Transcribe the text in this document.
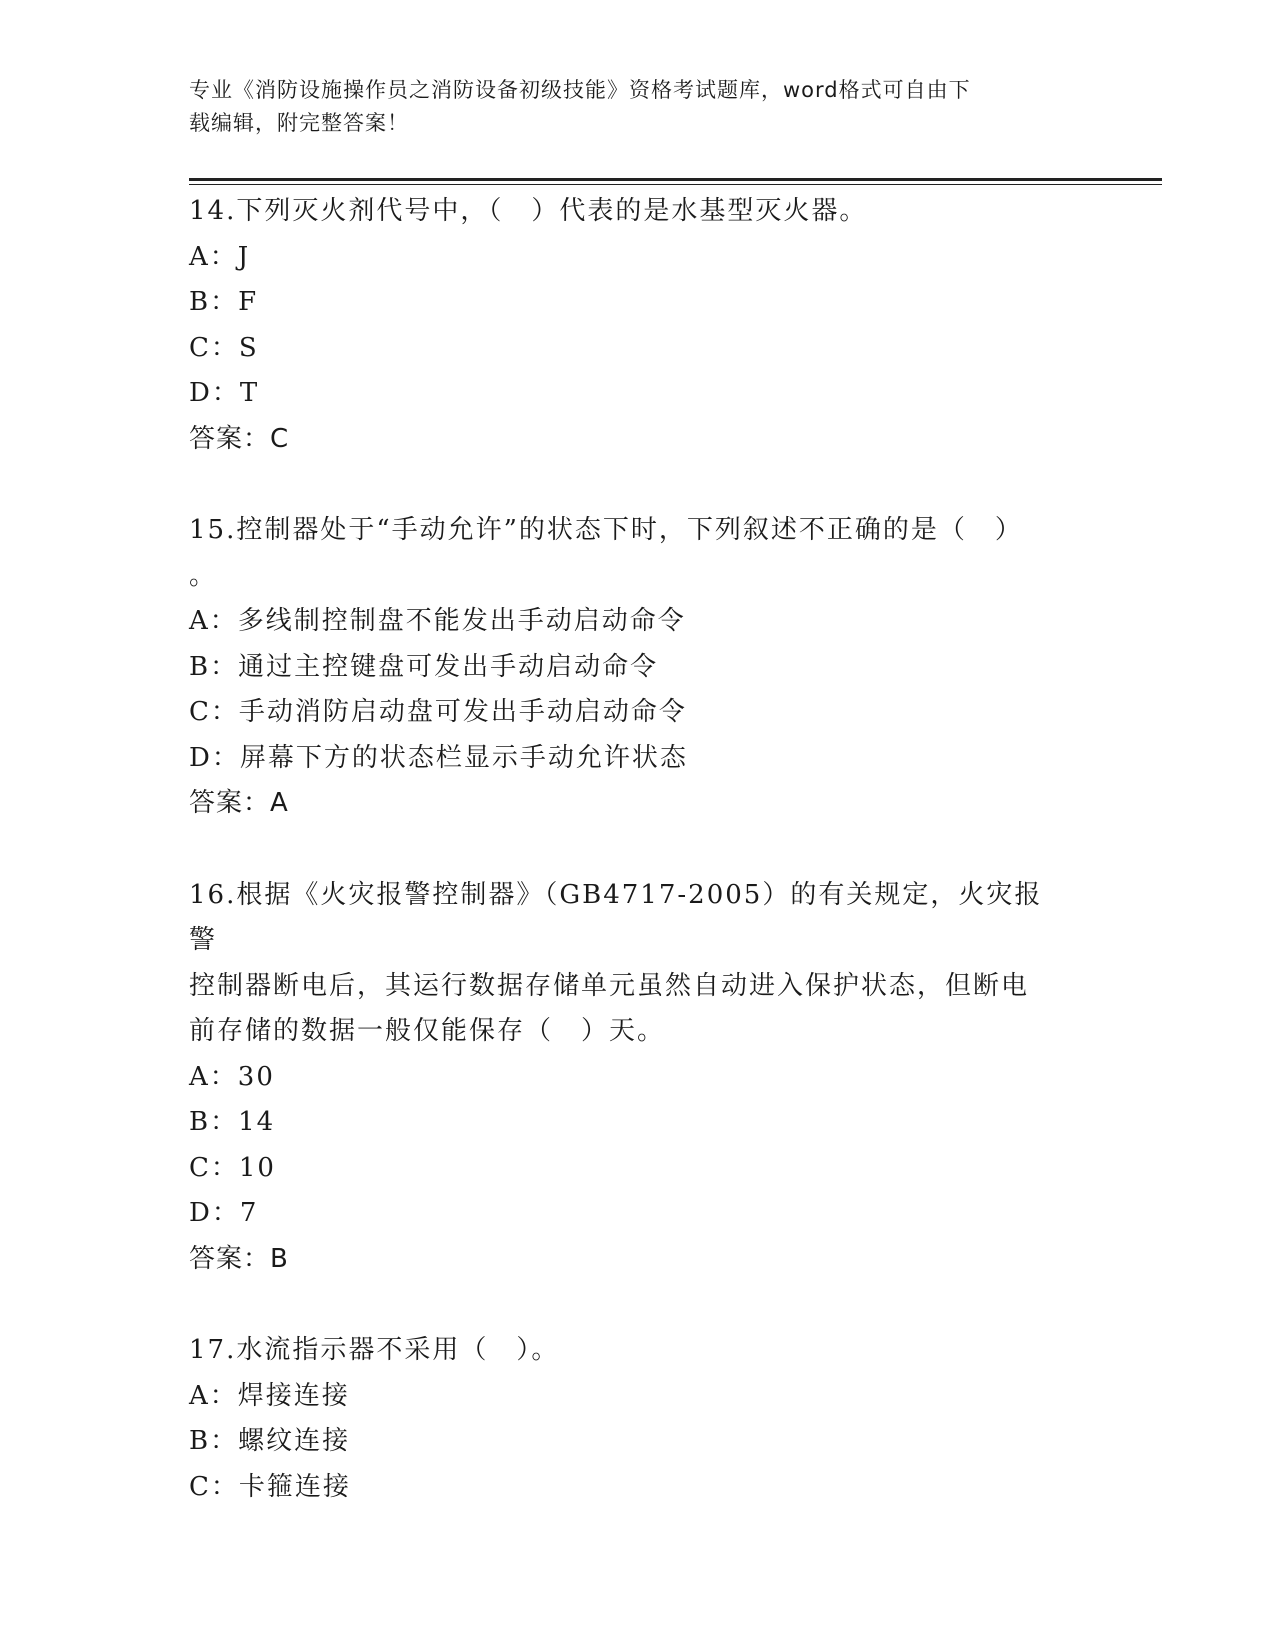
专业《消防设施操作员之消防设备初级技能》资格考试题库，word格式可自由下
载编辑，附完整答案！
14.下列灭火剂代号中，（　）代表的是水基型灭火器。
A：J
B：F
C：S
D：T
答案：C
15.控制器处于“手动允许”的状态下时，下列叙述不正确的是（　）
。
A：多线制控制盘不能发出手动启动命令
B：通过主控键盘可发出手动启动命令
C：手动消防启动盘可发出手动启动命令
D：屏幕下方的状态栏显示手动允许状态
答案：A
16.根据《火灾报警控制器》（GB4717-2005）的有关规定，火灾报警
控制器断电后，其运行数据存储单元虽然自动进入保护状态，但断电
前存储的数据一般仅能保存（　）天。
A：30
B：14
C：10
D：7
答案：B
17.水流指示器不采用（　）。
A：焊接连接
B：螺纹连接
C：卡箍连接
